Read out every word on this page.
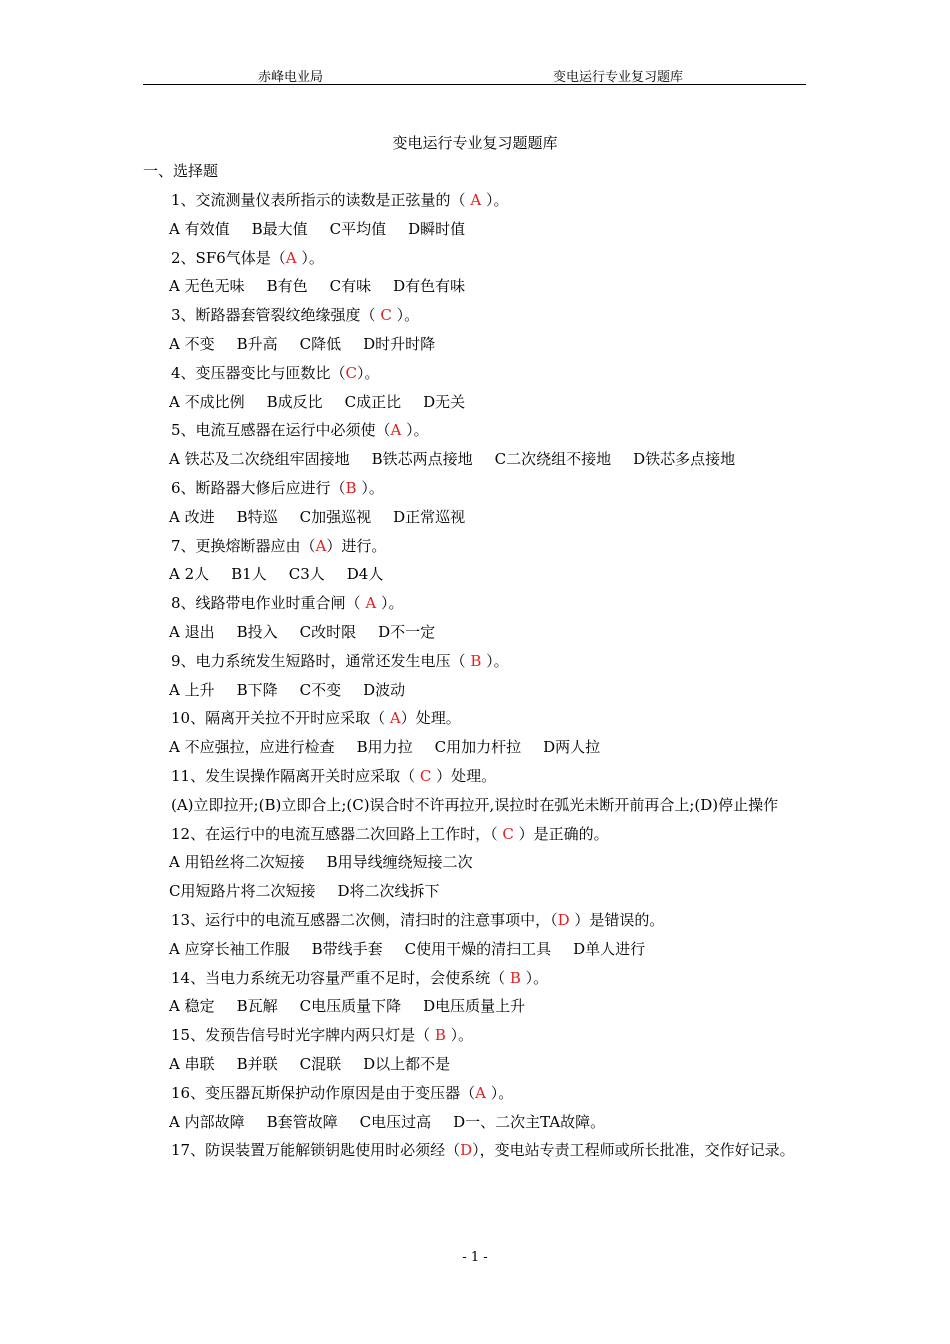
赤峰电业局	变电运行专业复习题库
变电运行专业复习题题库
一、选择题
1、交流测量仪表所指示的读数是正弦量的（ A ）。
A 有效值 B最大值 C平均值 D瞬时值
2、SF6气体是（A ）。
A 无色无味 B有色 C有味 D有色有味
3、断路器套管裂纹绝缘强度（ C ）。
A 不变 B升高 C降低 D时升时降
4、变压器变比与匝数比（C）。
A 不成比例 B成反比 C成正比 D无关
5、电流互感器在运行中必须使（A ）。
A 铁芯及二次绕组牢固接地 B铁芯两点接地 C二次绕组不接地 D铁芯多点接地
6、断路器大修后应进行（B ）。
A 改进 B特巡 C加强巡视 D正常巡视
7、更换熔断器应由（A）进行。
A 2人 B1人 C3人 D4人
8、线路带电作业时重合闸（ A ）。
A 退出 B投入 C改时限 D不一定
9、电力系统发生短路时，通常还发生电压（ B ）。
A 上升 B下降 C不变 D波动
10、隔离开关拉不开时应采取（ A）处理。
A 不应强拉，应进行检查 B用力拉 C用加力杆拉 D两人拉
11、发生误操作隔离开关时应采取（ C ）处理。
(A)立即拉开;(B)立即合上;(C)误合时不许再拉开,误拉时在弧光未断开前再合上;(D)停止操作
12、在运行中的电流互感器二次回路上工作时，（ C ）是正确的。
A 用铅丝将二次短接 B用导线缠绕短接二次
C用短路片将二次短接 D将二次线拆下
13、运行中的电流互感器二次侧，清扫时的注意事项中，（D ）是错误的。
A 应穿长袖工作服 B带线手套 C使用干燥的清扫工具 D单人进行
14、当电力系统无功容量严重不足时，会使系统（ B ）。
A 稳定 B瓦解 C电压质量下降 D电压质量上升
15、发预告信号时光字牌内两只灯是（ B ）。
A 串联 B并联 C混联 D以上都不是
16、变压器瓦斯保护动作原因是由于变压器（A ）。
A 内部故障 B套管故障 C电压过高 D一、二次主TA故障。
17、防误装置万能解锁钥匙使用时必须经（D），变电站专责工程师或所长批准，交作好记录。
- 1 -
